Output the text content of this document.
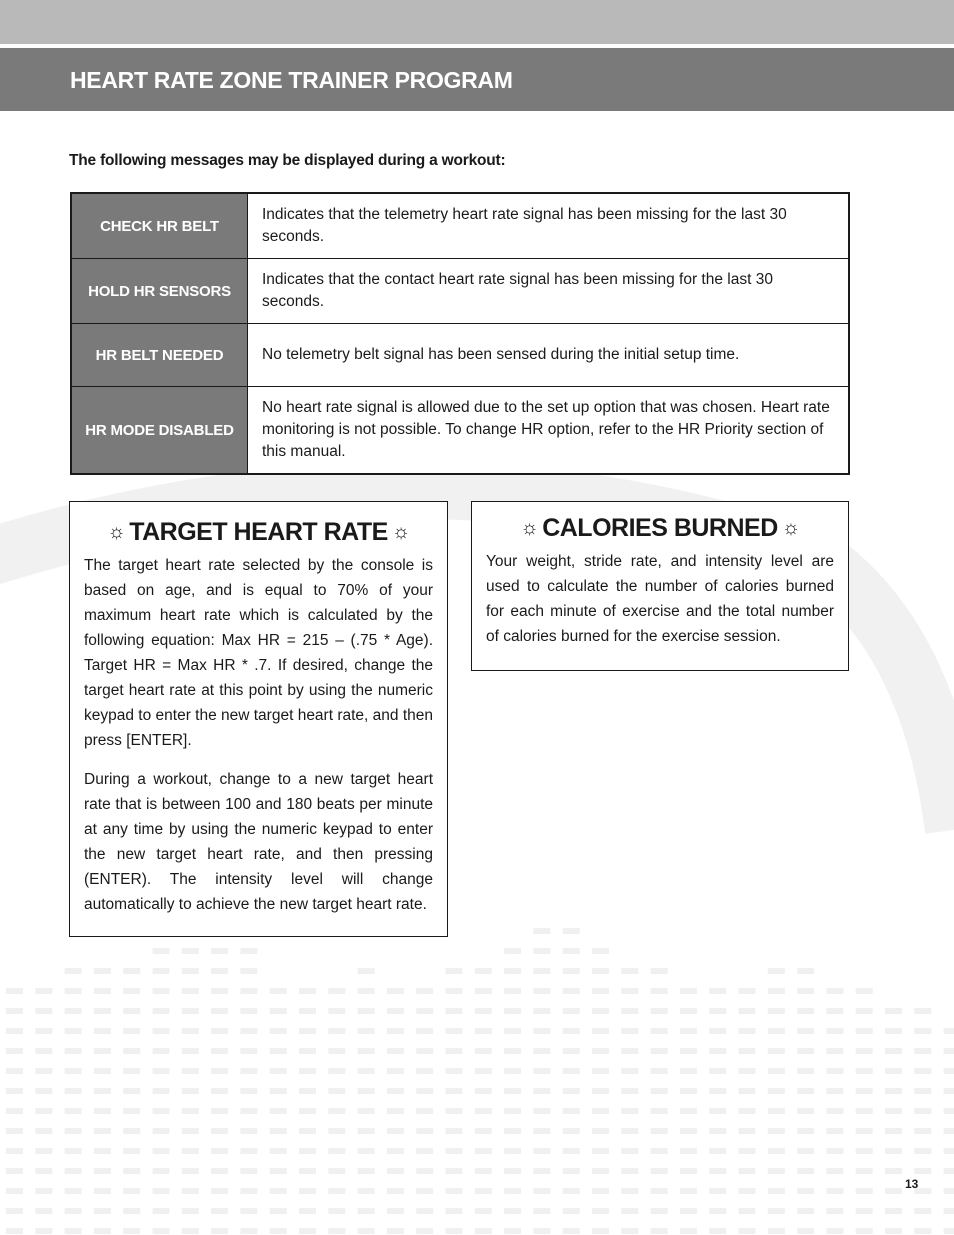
HEART RATE ZONE TRAINER PROGRAM

The following messages may be displayed during a workout:

CHECK HR BELT	Indicates that the telemetry heart rate signal has been missing for the last 30 seconds.
HOLD HR SENSORS	Indicates that the contact heart rate signal has been missing for the last 30 seconds.
HR BELT NEEDED	No telemetry belt signal has been sensed during the initial setup time.
HR MODE DISABLED	No heart rate signal is allowed due to the set up option that was chosen. Heart rate monitoring is not possible. To change HR option, refer to the HR Priority section of this manual.
☼ TARGET HEART RATE ☼

The target heart rate selected by the console is based on age, and is equal to 70% of your maximum heart rate which is calculated by the following equation: Max HR = 215 – (.75 * Age). Target HR = Max HR * .7. If desired, change the target heart rate at this point by using the numeric keypad to enter the new target heart rate, and then press [ENTER].

During a workout, change to a new target heart rate that is between 100 and 180 beats per minute at any time by using the numeric keypad to enter the new target heart rate, and then pressing (ENTER). The intensity level will change automatically to achieve the new target heart rate.

☼ CALORIES BURNED ☼

Your weight, stride rate, and intensity level are used to calculate the number of calories burned for each minute of exercise and the total number of calories burned for the exercise session.

13
